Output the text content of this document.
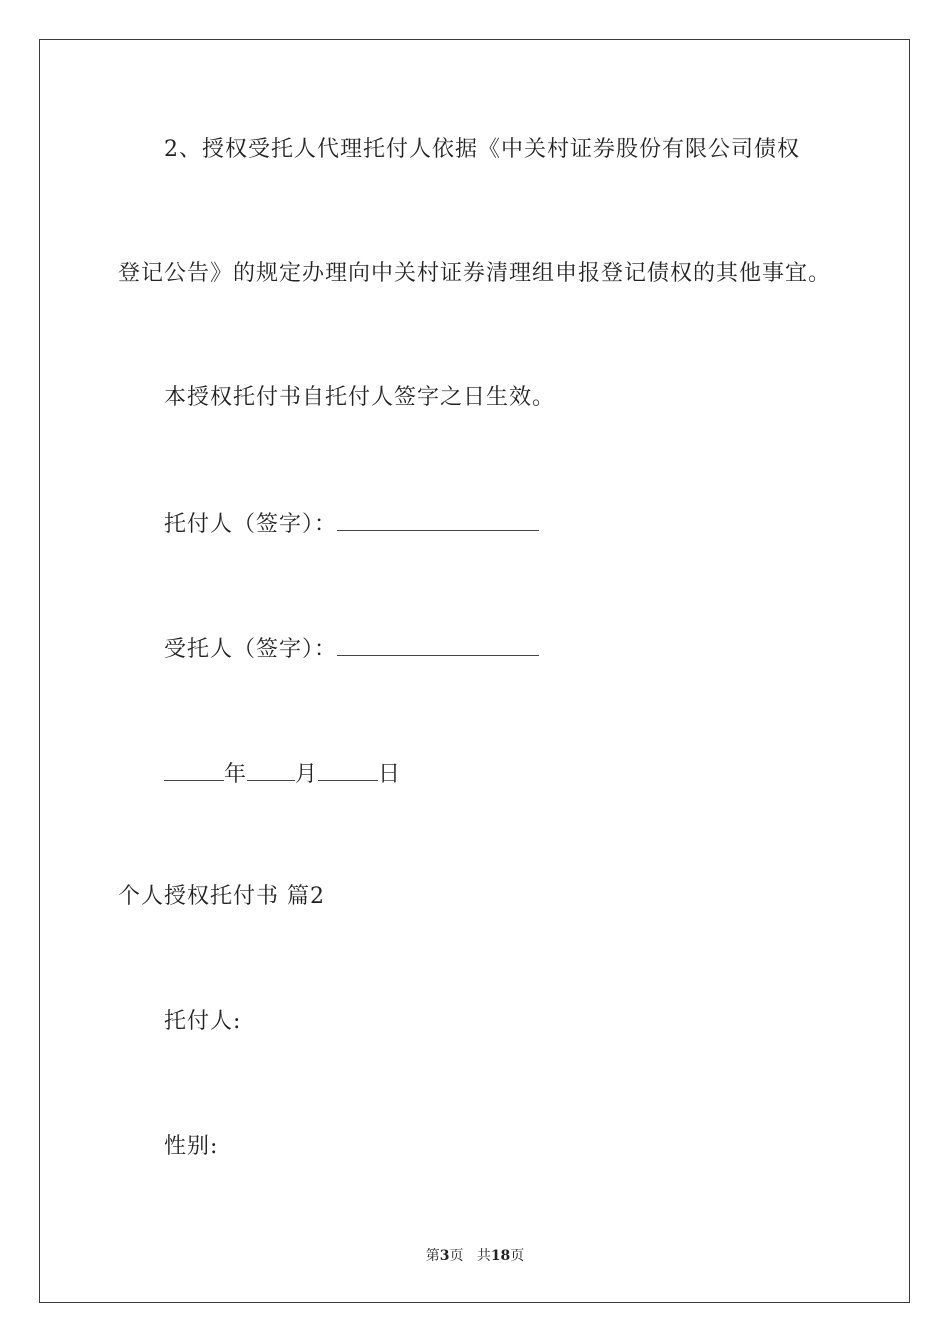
2、授权受托人代理托付人依据《中关村证券股份有限公司债权
登记公告》的规定办理向中关村证券清理组申报登记债权的其他事宜。
本授权托付书自托付人签字之日生效。
托付人（签字）：
受托人（签字）：
年 月	日
个人授权托付书 篇2
托付人:
性别:
第3页 共18页
